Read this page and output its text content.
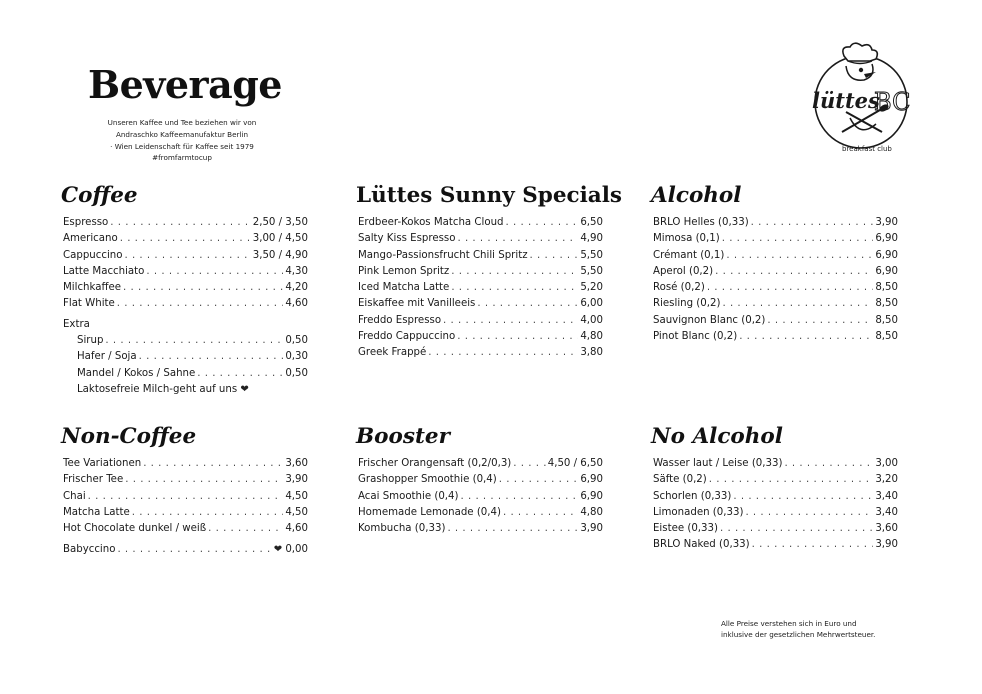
Beverage
Unseren Kaffee und Tee beziehen wir von
Andraschko Kaffeemanufaktur Berlin
· Wien Leidenschaft für Kaffee seit 1979
#fromfarmtocup
lüttes
BC
breakfast club
Coffee
Espresso . . .	2,50 / 3,50
Americano . . .	3,00 / 4,50
Cappuccino . . .	3,50 / 4,90
Latte Macchiato . . .	4,30
Milchkaffee . . .	4,20
Flat White . . .	4,60
Extra
Sirup . . .	0,50
Hafer / Soja . . .	0,30
Mandel / Kokos / Sahne . . .	0,50
Laktosefreie Milch-geht auf uns ❤
Non-Coffee
Tee Variationen . . .	3,60
Frischer Tee . . .	3,90
Chai . . .	4,50
Matcha Latte . . .	4,50
Hot Chocolate dunkel / weiß . . .	4,60
Babyccino . . .	❤ 0,00
Lüttes Sunny Specials
Erdbeer-Kokos Matcha Cloud . . .	6,50
Salty Kiss Espresso . . .	4,90
Mango-Passionsfrucht Chili Spritz . . .	5,50
Pink Lemon Spritz . . .	5,50
Iced Matcha Latte . . .	5,20
Eiskaffee mit Vanilleeis . . .	6,00
Freddo Espresso . . .	4,00
Freddo Cappuccino . . .	4,80
Greek Frappé . . .	3,80
Booster
Frischer Orangensaft (0,2/0,3) . . .	4,50 / 6,50
Grashopper Smoothie (0,4) . . .	6,90
Acai Smoothie (0,4) . . .	6,90
Homemade Lemonade (0,4) . . .	4,80
Kombucha (0,33) . . .	3,90
Alcohol
BRLO Helles (0,33) . . .	3,90
Mimosa (0,1) . . .	6,90
Crémant (0,1) . . .	6,90
Aperol (0,2) . . .	6,90
Rosé (0,2) . . .	8,50
Riesling (0,2) . . .	8,50
Sauvignon Blanc (0,2) . . .	8,50
Pinot Blanc (0,2) . . .	8,50
No Alcohol
Wasser laut / Leise (0,33) . . .	3,00
Säfte (0,2) . . .	3,20
Schorlen (0,33) . . .	3,40
Limonaden (0,33) . . .	3,40
Eistee (0,33) . . .	3,60
BRLO Naked (0,33) . . .	3,90
Alle Preise verstehen sich in Euro und
inklusive der gesetzlichen Mehrwertsteuer.
